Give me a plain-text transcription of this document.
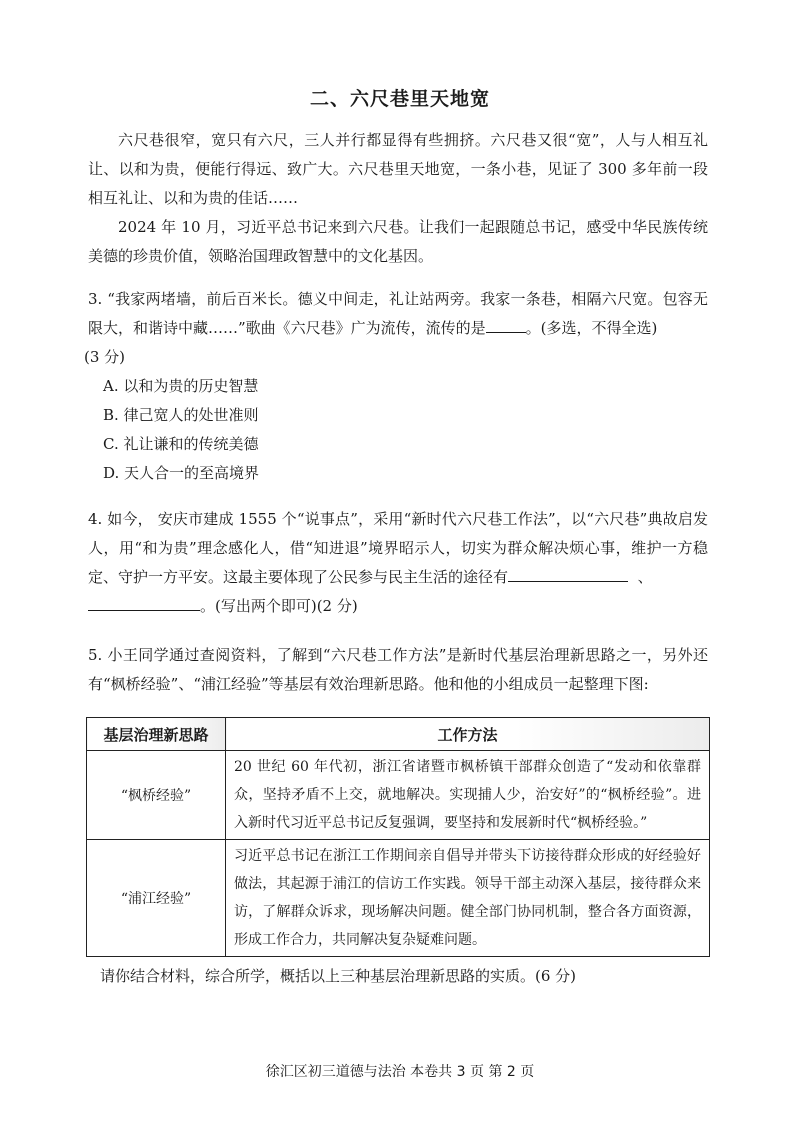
二、六尺巷里天地宽
六尺巷很窄，宽只有六尺，三人并行都显得有些拥挤。六尺巷又很“宽”，人与人相互礼让、以和为贵，便能行得远、致广大。六尺巷里天地宽，一条小巷，见证了 300 多年前一段相互礼让、以和为贵的佳话……
2024 年 10 月，习近平总书记来到六尺巷。让我们一起跟随总书记，感受中华民族传统美德的珍贵价值，领略治国理政智慧中的文化基因。
3. “我家两堵墙，前后百米长。德义中间走，礼让站两旁。我家一条巷，相隔六尺宽。包容无限大，和谐诗中藏……”歌曲《六尺巷》广为流传，流传的是	。(多选，不得全选)
(3 分)
A. 以和为贵的历史智慧
B. 律己宽人的处世准则
C. 礼让谦和的传统美德
D. 天人合一的至高境界
4. 如今， 安庆市建成 1555 个“说事点”，采用“新时代六尺巷工作法”，以“六尺巷”典故启发人，用“和为贵”理念感化人，借“知进退”境界昭示人，切实为群众解决烦心事，维护一方稳定、守护一方平安。这最主要体现了公民参与民主生活的途径有	、
。(写出两个即可)(2 分)
5. 小王同学通过查阅资料，了解到“六尺巷工作方法”是新时代基层治理新思路之一，另外还有“枫桥经验”、“浦江经验”等基层有效治理新思路。他和他的小组成员一起整理下图:
基层治理新思路	工作方法
“枫桥经验”	20 世纪 60 年代初，浙江省诸暨市枫桥镇干部群众创造了“发动和依靠群众，坚持矛盾不上交，就地解决。实现捕人少，治安好”的“枫桥经验”。进入新时代习近平总书记反复强调，要坚持和发展新时代“枫桥经验。”
“浦江经验”	习近平总书记在浙江工作期间亲自倡导并带头下访接待群众形成的好经验好做法，其起源于浦江的信访工作实践。领导干部主动深入基层，接待群众来访，了解群众诉求，现场解决问题。健全部门协同机制，整合各方面资源，形成工作合力，共同解决复杂疑难问题。
请你结合材料，综合所学，概括以上三种基层治理新思路的实质。(6 分)
徐汇区初三道德与法治 本卷共 3 页 第 2 页
